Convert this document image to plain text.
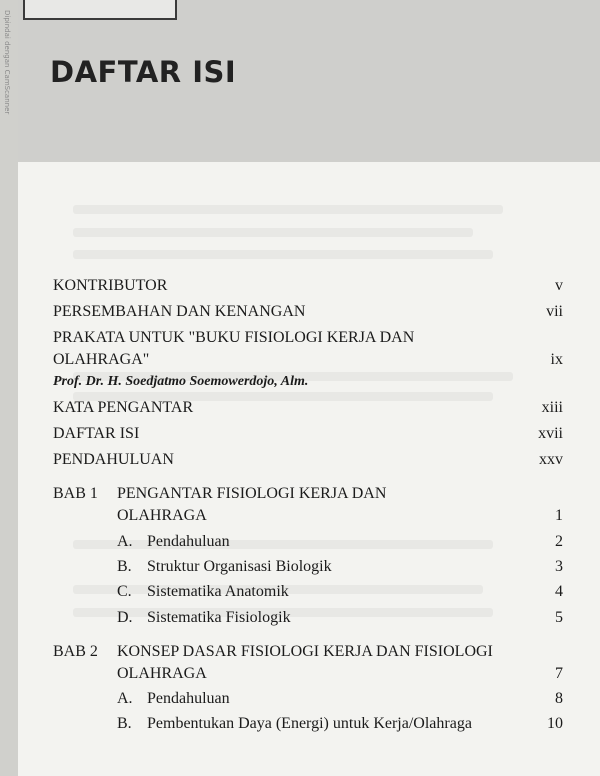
Dipindai dengan CamScanner DAFTAR ISI
KONTRIBUTOR	v
PERSEMBAHAN DAN KENANGAN	vii
PRAKATA UNTUK "BUKU FISIOLOGI KERJA DAN
OLAHRAGA"	ix
Prof. Dr. H. Soedjatmo Soemowerdojo, Alm.
KATA PENGANTAR	xiii
DAFTAR ISI	xvii
PENDAHULUAN	xxv
BAB 1 PENGANTAR FISIOLOGI KERJA DAN
OLAHRAGA	1
A. Pendahuluan	2
B. Struktur Organisasi Biologik	3
C. Sistematika Anatomik	4
D. Sistematika Fisiologik	5
BAB 2 KONSEP DASAR FISIOLOGI KERJA DAN FISIOLOGI
OLAHRAGA	7
A. Pendahuluan	8
B. Pembentukan Daya (Energi) untuk Kerja/Olahraga	10
